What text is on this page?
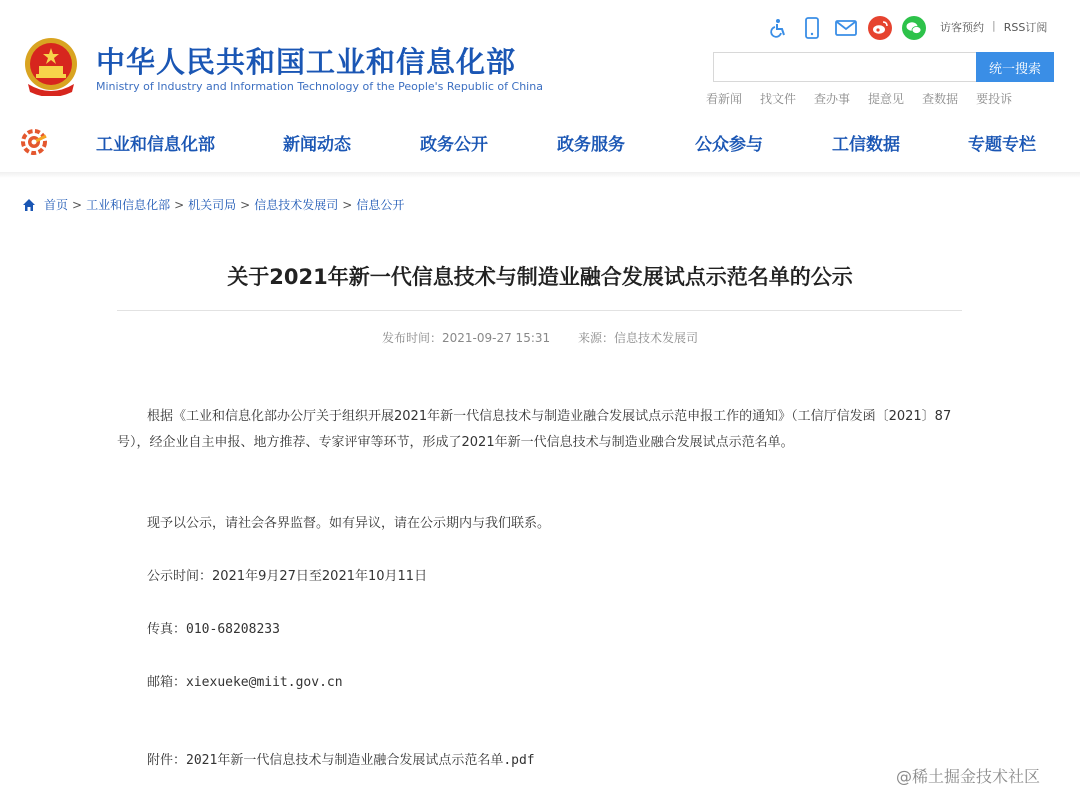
中华人民共和国工业和信息化部
Ministry of Industry and Information Technology of the People's Republic of China
访客预约 | RSS订阅
统一搜索
看新闻 找文件 查办事 提意见 查数据 要投诉
工业和信息化部	新闻动态	政务公开	政务服务	公众参与	工信数据	专题专栏
首页 > 工业和信息化部 > 机关司局 > 信息技术发展司 > 信息公开
关于2021年新一代信息技术与制造业融合发展试点示范名单的公示
发布时间：2021-09-27 15:31 来源：信息技术发展司
根据《工业和信息化部办公厅关于组织开展2021年新一代信息技术与制造业融合发展试点示范申报工作的通知》（工信厅信发函〔2021〕87号），经企业自主申报、地方推荐、专家评审等环节，形成了2021年新一代信息技术与制造业融合发展试点示范名单。
现予以公示，请社会各界监督。如有异议，请在公示期内与我们联系。
公示时间：2021年9月27日至2021年10月11日
传真：010-68208233
邮箱：xiexueke@miit.gov.cn
附件：2021年新一代信息技术与制造业融合发展试点示范名单.pdf
@稀土掘金技术社区
